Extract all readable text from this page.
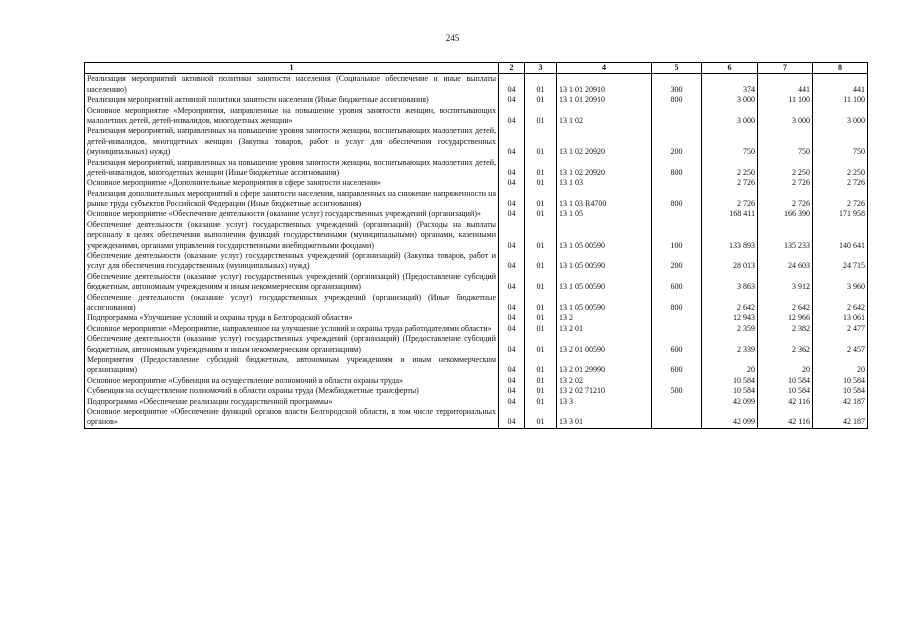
245
1	2	3	4	5	6	7	8
Реализация мероприятий активной политики занятости населения (Социальное обеспечение и иные выплаты населению)	04	01	13 1 01 20910	300	374	441	441
Реализация мероприятий активной политики занятости населения (Иные бюджетные ассигнования)	04	01	13 1 01 20910	800	3 000	11 100	11 100
Основное мероприятие «Мероприятия, направленные на повышение уровня занятости женщин, воспитывающих малолетних детей, детей-инвалидов, многодетных женщин»	04	01	13 1 02		3 000	3 000	3 000
Реализация мероприятий, направленных на повышение уровня занятости женщин, воспитывающих малолетних детей, детей-инвалидов, многодетных женщин (Закупка товаров, работ и услуг для обеспечения государственных (муниципальных) нужд)	04	01	13 1 02 20920	200	750	750	750
Реализация мероприятий, направленных на повышение уровня занятости женщин, воспитывающих малолетних детей, детей-инвалидов, многодетных женщин (Иные бюджетные ассигнования)	04	01	13 1 02 20920	800	2 250	2 250	2 250
Основное мероприятие «Дополнительные мероприятия в сфере занятости населения»	04	01	13 1 03		2 726	2 726	2 726
Реализация дополнительных мероприятий в сфере занятости населения, направленных на снижение напряженности на рынке труда субъектов Российской Федерации (Иные бюджетные ассигнования)	04	01	13 1 03 R4700	800	2 726	2 726	2 726
Основное мероприятие «Обеспечение деятельности (оказание услуг) государственных учреждений (организаций)»	04	01	13 1 05		168 411	166 390	171 958
Обеспечение деятельности (оказание услуг) государственных учреждений (организаций) (Расходы на выплаты персоналу в целях обеспечения выполнения функций государственными (муниципальными) органами, казенными учреждениями, органами управления государственными внебюджетными фондами)	04	01	13 1 05 00590	100	133 893	135 233	140 641
Обеспечение деятельности (оказание услуг) государственных учреждений (организаций) (Закупка товаров, работ и услуг для обеспечения государственных (муниципальных) нужд)	04	01	13 1 05 00590	200	28 013	24 603	24 715
Обеспечение деятельности (оказание услуг) государственных учреждений (организаций) (Предоставление субсидий бюджетным, автономным учреждениям и иным некоммерческим организациям)	04	01	13 1 05 00590	600	3 863	3 912	3 960
Обеспечение деятельности (оказание услуг) государственных учреждений (организаций) (Иные бюджетные ассигнования)	04	01	13 1 05 00590	800	2 642	2 642	2 642
Подпрограмма «Улучшение условий и охраны труда в Белгородской области»	04	01	13 2		12 943	12 966	13 061
Основное мероприятие «Мероприятие, направленное на улучшение условий и охраны труда работодателями области»	04	01	13 2 01		2 359	2 382	2 477
Обеспечение деятельности (оказание услуг) государственных учреждений (организаций) (Предоставление субсидий бюджетным, автономным учреждениям и иным некоммерческим организациям)	04	01	13 2 01 00590	600	2 339	2 362	2 457
Мероприятия (Предоставление субсидий бюджетным, автономным учреждениям и иным некоммерческим организациям)	04	01	13 2 01 29990	600	20	20	20
Основное мероприятие «Субвенция на осуществление полномочий в области охраны труда»	04	01	13 2 02		10 584	10 584	10 584
Субвенция на осуществление полномочий в области охраны труда (Межбюджетные трансферты)	04	01	13 2 02 71210	500	10 584	10 584	10 584
Подпрограмма «Обеспечение реализации государственной программы»	04	01	13 3		42 099	42 116	42 187
Основное мероприятие «Обеспечение функций органов власти Белгородской области, в том числе территориальных органов»	04	01	13 3 01		42 099	42 116	42 187
